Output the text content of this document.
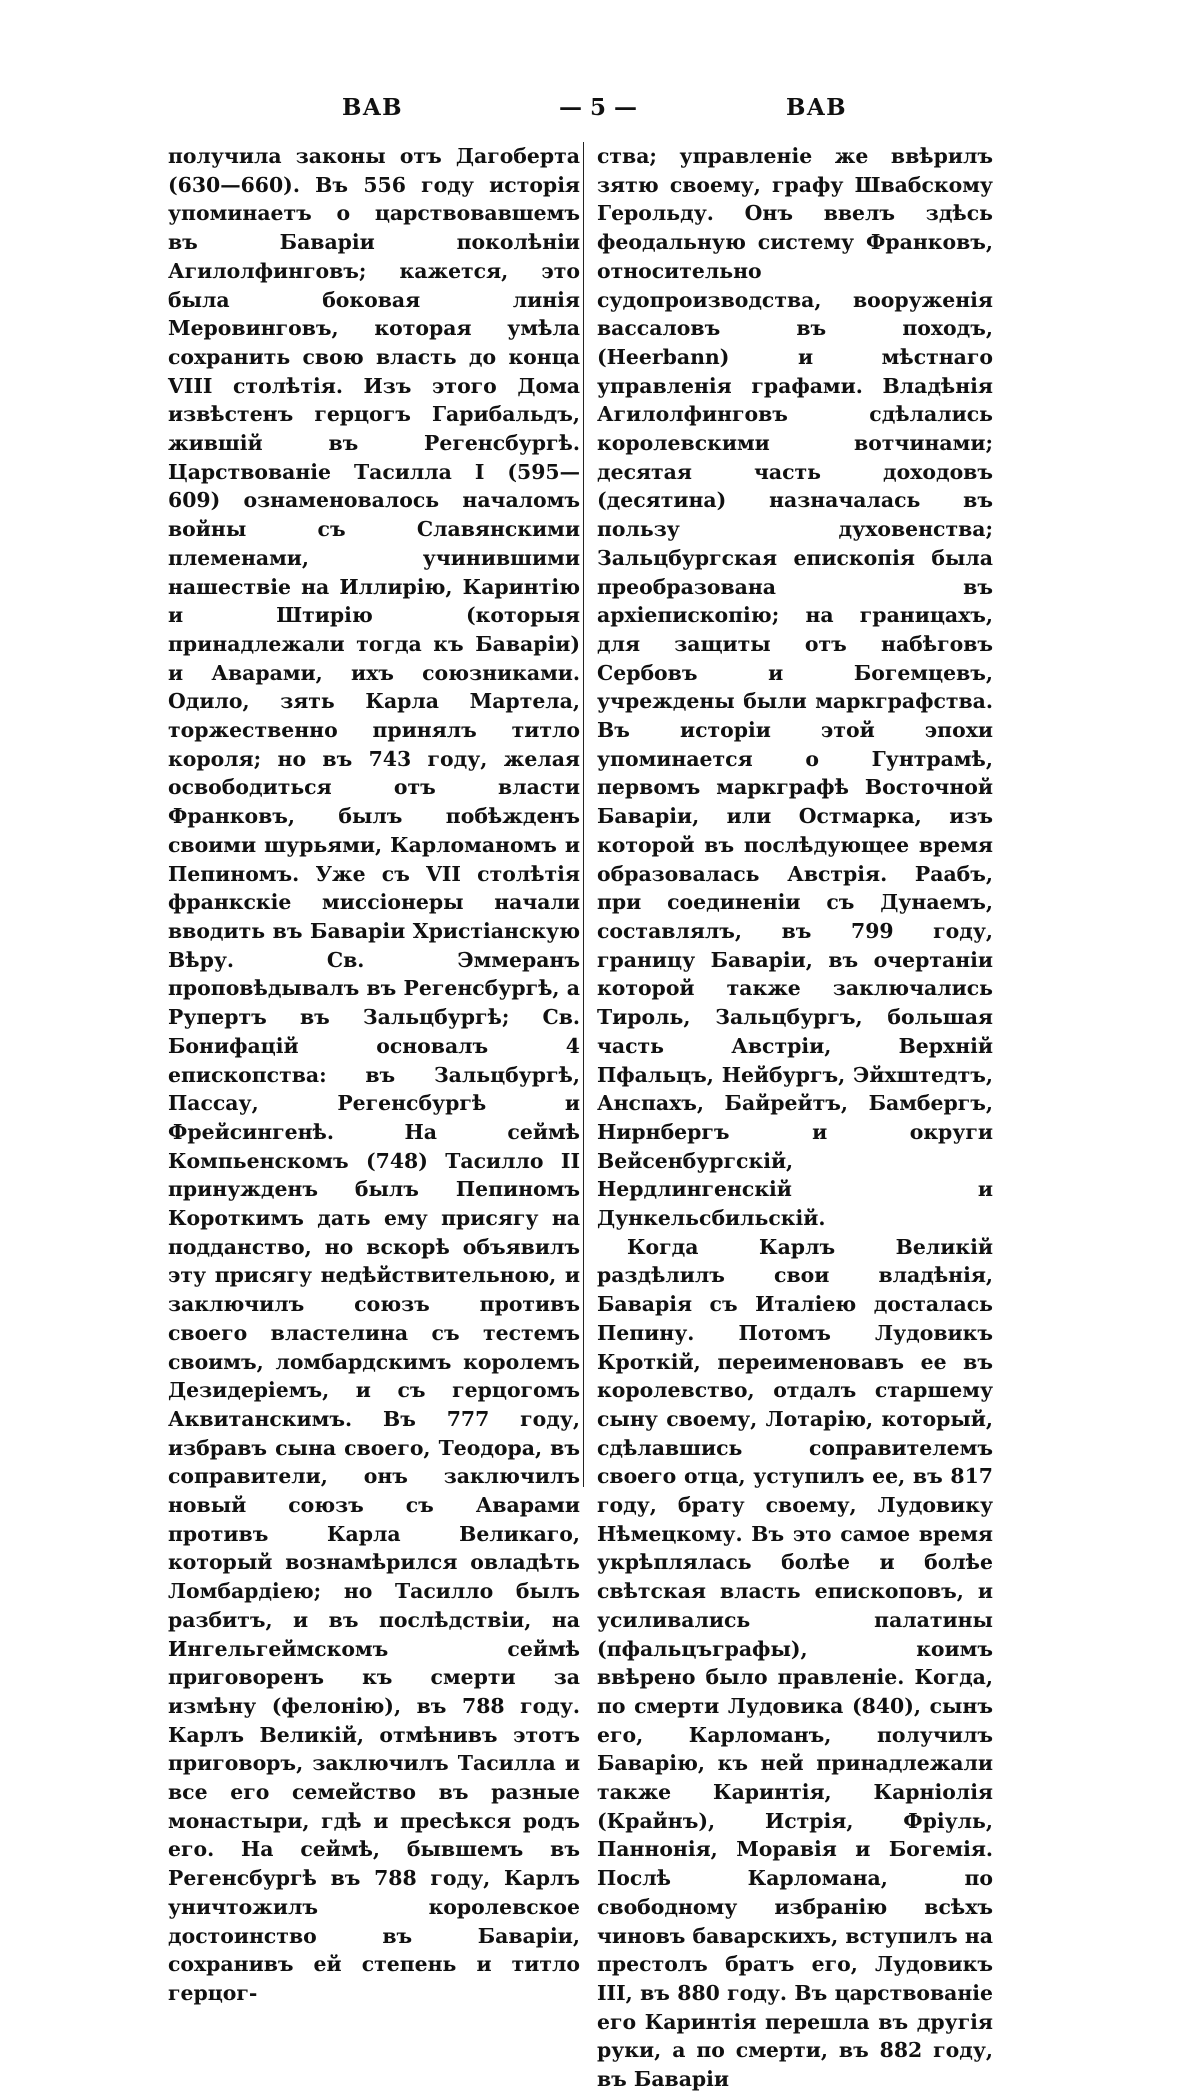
ВАВ	— 5 —	ВАВ

получила законы отъ Дагоберта (630—660). Въ 556 году исторія упоминаетъ о царствовавшемъ въ Баваріи поколѣніи Агилолфинговъ; кажется, это была боковая линія Меровинговъ, которая умѣла сохранить свою власть до конца VIII столѣтія. Изъ этого Дома извѣстенъ герцогъ Гарибальдъ, жившій въ Регенсбургѣ. Царствованіе Тасилла I (595—609) ознаменовалось началомъ войны съ Славянскими племенами, учинившими нашествіе на Иллирію, Каринтію и Штирію (которыя принадлежали тогда къ Баваріи) и Аварами, ихъ союзниками. Одило, зять Карла Мартела, торжественно принялъ титло короля; но въ 743 году, желая освободиться отъ власти Франковъ, былъ побѣжденъ своими шурьями, Карломаномъ и Пепиномъ. Уже съ VII столѣтія франкскіе миссіонеры начали вводить въ Баваріи Христіанскую Вѣру. Св. Эммеранъ проповѣдывалъ въ Регенсбургѣ, а Рупертъ въ Зальцбургѣ; Св. Бонифацій основалъ 4 епископства: въ Зальцбургѣ, Пассау, Регенсбургѣ и Фрейсингенѣ. На сеймѣ Компьенскомъ (748) Тасилло II принужденъ былъ Пепиномъ Короткимъ дать ему присягу на подданство, но вскорѣ объявилъ эту присягу недѣйствительною, и заключилъ союзъ противъ своего властелина съ тестемъ своимъ, ломбардскимъ королемъ Дезидеріемъ, и съ герцогомъ Аквитанскимъ. Въ 777 году, избравъ сына своего, Теодора, въ соправители, онъ заключилъ новый союзъ съ Аварами противъ Карла Великаго, который вознамѣрился овладѣть Ломбардіею; но Тасилло былъ разбитъ, и въ послѣдствіи, на Ингельгеймскомъ сеймѣ приговоренъ къ смерти за измѣну (фелонію), въ 788 году. Карлъ Великій, отмѣнивъ этотъ приговоръ, заключилъ Тасилла и все его семейство въ разные монастыри, гдѣ и пресѣкся родъ его. На сеймѣ, бывшемъ въ Регенсбургѣ въ 788 году, Карлъ уничтожилъ королевское достоинство въ Баваріи, сохранивъ ей степень и титло герцог-

ства; управленіе же ввѣрилъ зятю своему, графу Швабскому Герольду. Онъ ввелъ здѣсь феодальную систему Франковъ, относительно судопроизводства, вооруженія вассаловъ въ походъ, (Heerbann) и мѣстнаго управленія графами. Владѣнія Агилолфинговъ сдѣлались королевскими вотчинами; десятая часть доходовъ (десятина) назначалась въ пользу духовенства; Зальцбургская епископія была преобразована въ архіепископію; на границахъ, для защиты отъ набѣговъ Сербовъ и Богемцевъ, учреждены были маркграфства. Въ исторіи этой эпохи упоминается о Гунтрамѣ, первомъ маркграфѣ Восточной Баваріи, или Остмарка, изъ которой въ послѣдующее время образовалась Австрія. Раабъ, при соединеніи съ Дунаемъ, составлялъ, въ 799 году, границу Баваріи, въ очертаніи которой также заключались Тироль, Зальцбургъ, большая часть Австріи, Верхній Пфальцъ, Нейбургъ, Эйхштедтъ, Анспахъ, Байрейтъ, Бамбергъ, Нирнбергъ и округи Вейсенбургскій, Нердлингенскій и Дункельсбильскій.

Когда Карлъ Великій раздѣлилъ свои владѣнія, Баварія съ Италіею досталась Пепину. Потомъ Лудовикъ Кроткій, переименовавъ ее въ королевство, отдалъ старшему сыну своему, Лотарію, который, сдѣлавшись соправителемъ своего отца, уступилъ ее, въ 817 году, брату своему, Лудовику Нѣмецкому. Въ это самое время укрѣплялась болѣе и болѣе свѣтская власть епископовъ, и усиливались палатины (пфальцъграфы), коимъ ввѣрено было правленіе. Когда, по смерти Лудовика (840), сынъ его, Карломанъ, получилъ Баварію, къ ней принадлежали также Каринтія, Карніолія (Крайнъ), Истрія, Фріуль, Паннонія, Моравія и Богемія. Послѣ Карломана, по свободному избранію всѣхъ чиновъ баварскихъ, вступилъ на престолъ братъ его, Лудовикъ III, въ 880 году. Въ царствованіе его Каринтія перешла въ другія руки, а по смерти, въ 882 году, въ Баваріи
